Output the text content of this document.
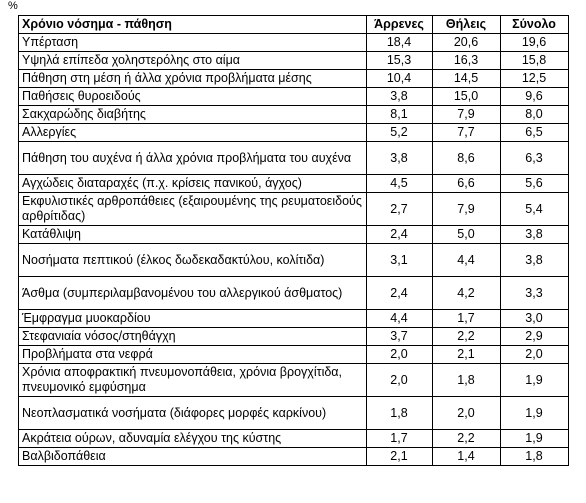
%
Χρόνιο νόσημα - πάθηση	Άρρενες	Θήλεις	Σύνολο
Υπέρταση	18,4	20,6	19,6
Υψηλά επίπεδα χοληστερόλης στο αίμα	15,3	16,3	15,8
Πάθηση στη μέση ή άλλα χρόνια προβλήματα μέσης	10,4	14,5	12,5
Παθήσεις θυροειδούς	3,8	15,0	9,6
Σακχαρώδης διαβήτης	8,1	7,9	8,0
Αλλεργίες	5,2	7,7	6,5
Πάθηση του αυχένα ή άλλα χρόνια προβλήματα του αυχένα	3,8	8,6	6,3
Αγχώδεις διαταραχές (π.χ. κρίσεις πανικού, άγχος)	4,5	6,6	5,6
Εκφυλιστικές αρθροπάθειες (εξαιρουμένης της ρευματοειδούς αρθρίτιδας)	2,7	7,9	5,4
Κατάθλιψη	2,4	5,0	3,8
Νοσήματα πεπτικού (έλκος δωδεκαδακτύλου, κολίτιδα)	3,1	4,4	3,8
Άσθμα (συμπεριλαμβανομένου του αλλεργικού άσθματος)	2,4	4,2	3,3
Έμφραγμα μυοκαρδίου	4,4	1,7	3,0
Στεφανιαία νόσος/στηθάγχη	3,7	2,2	2,9
Προβλήματα στα νεφρά	2,0	2,1	2,0
Χρόνια αποφρακτική πνευμονοπάθεια, χρόνια βρογχίτιδα, πνευμονικό εμφύσημα	2,0	1,8	1,9
Νεοπλασματικά νοσήματα (διάφορες μορφές καρκίνου)	1,8	2,0	1,9
Ακράτεια ούρων, αδυναμία ελέγχου της κύστης	1,7	2,2	1,9
Βαλβιδοπάθεια	2,1	1,4	1,8
